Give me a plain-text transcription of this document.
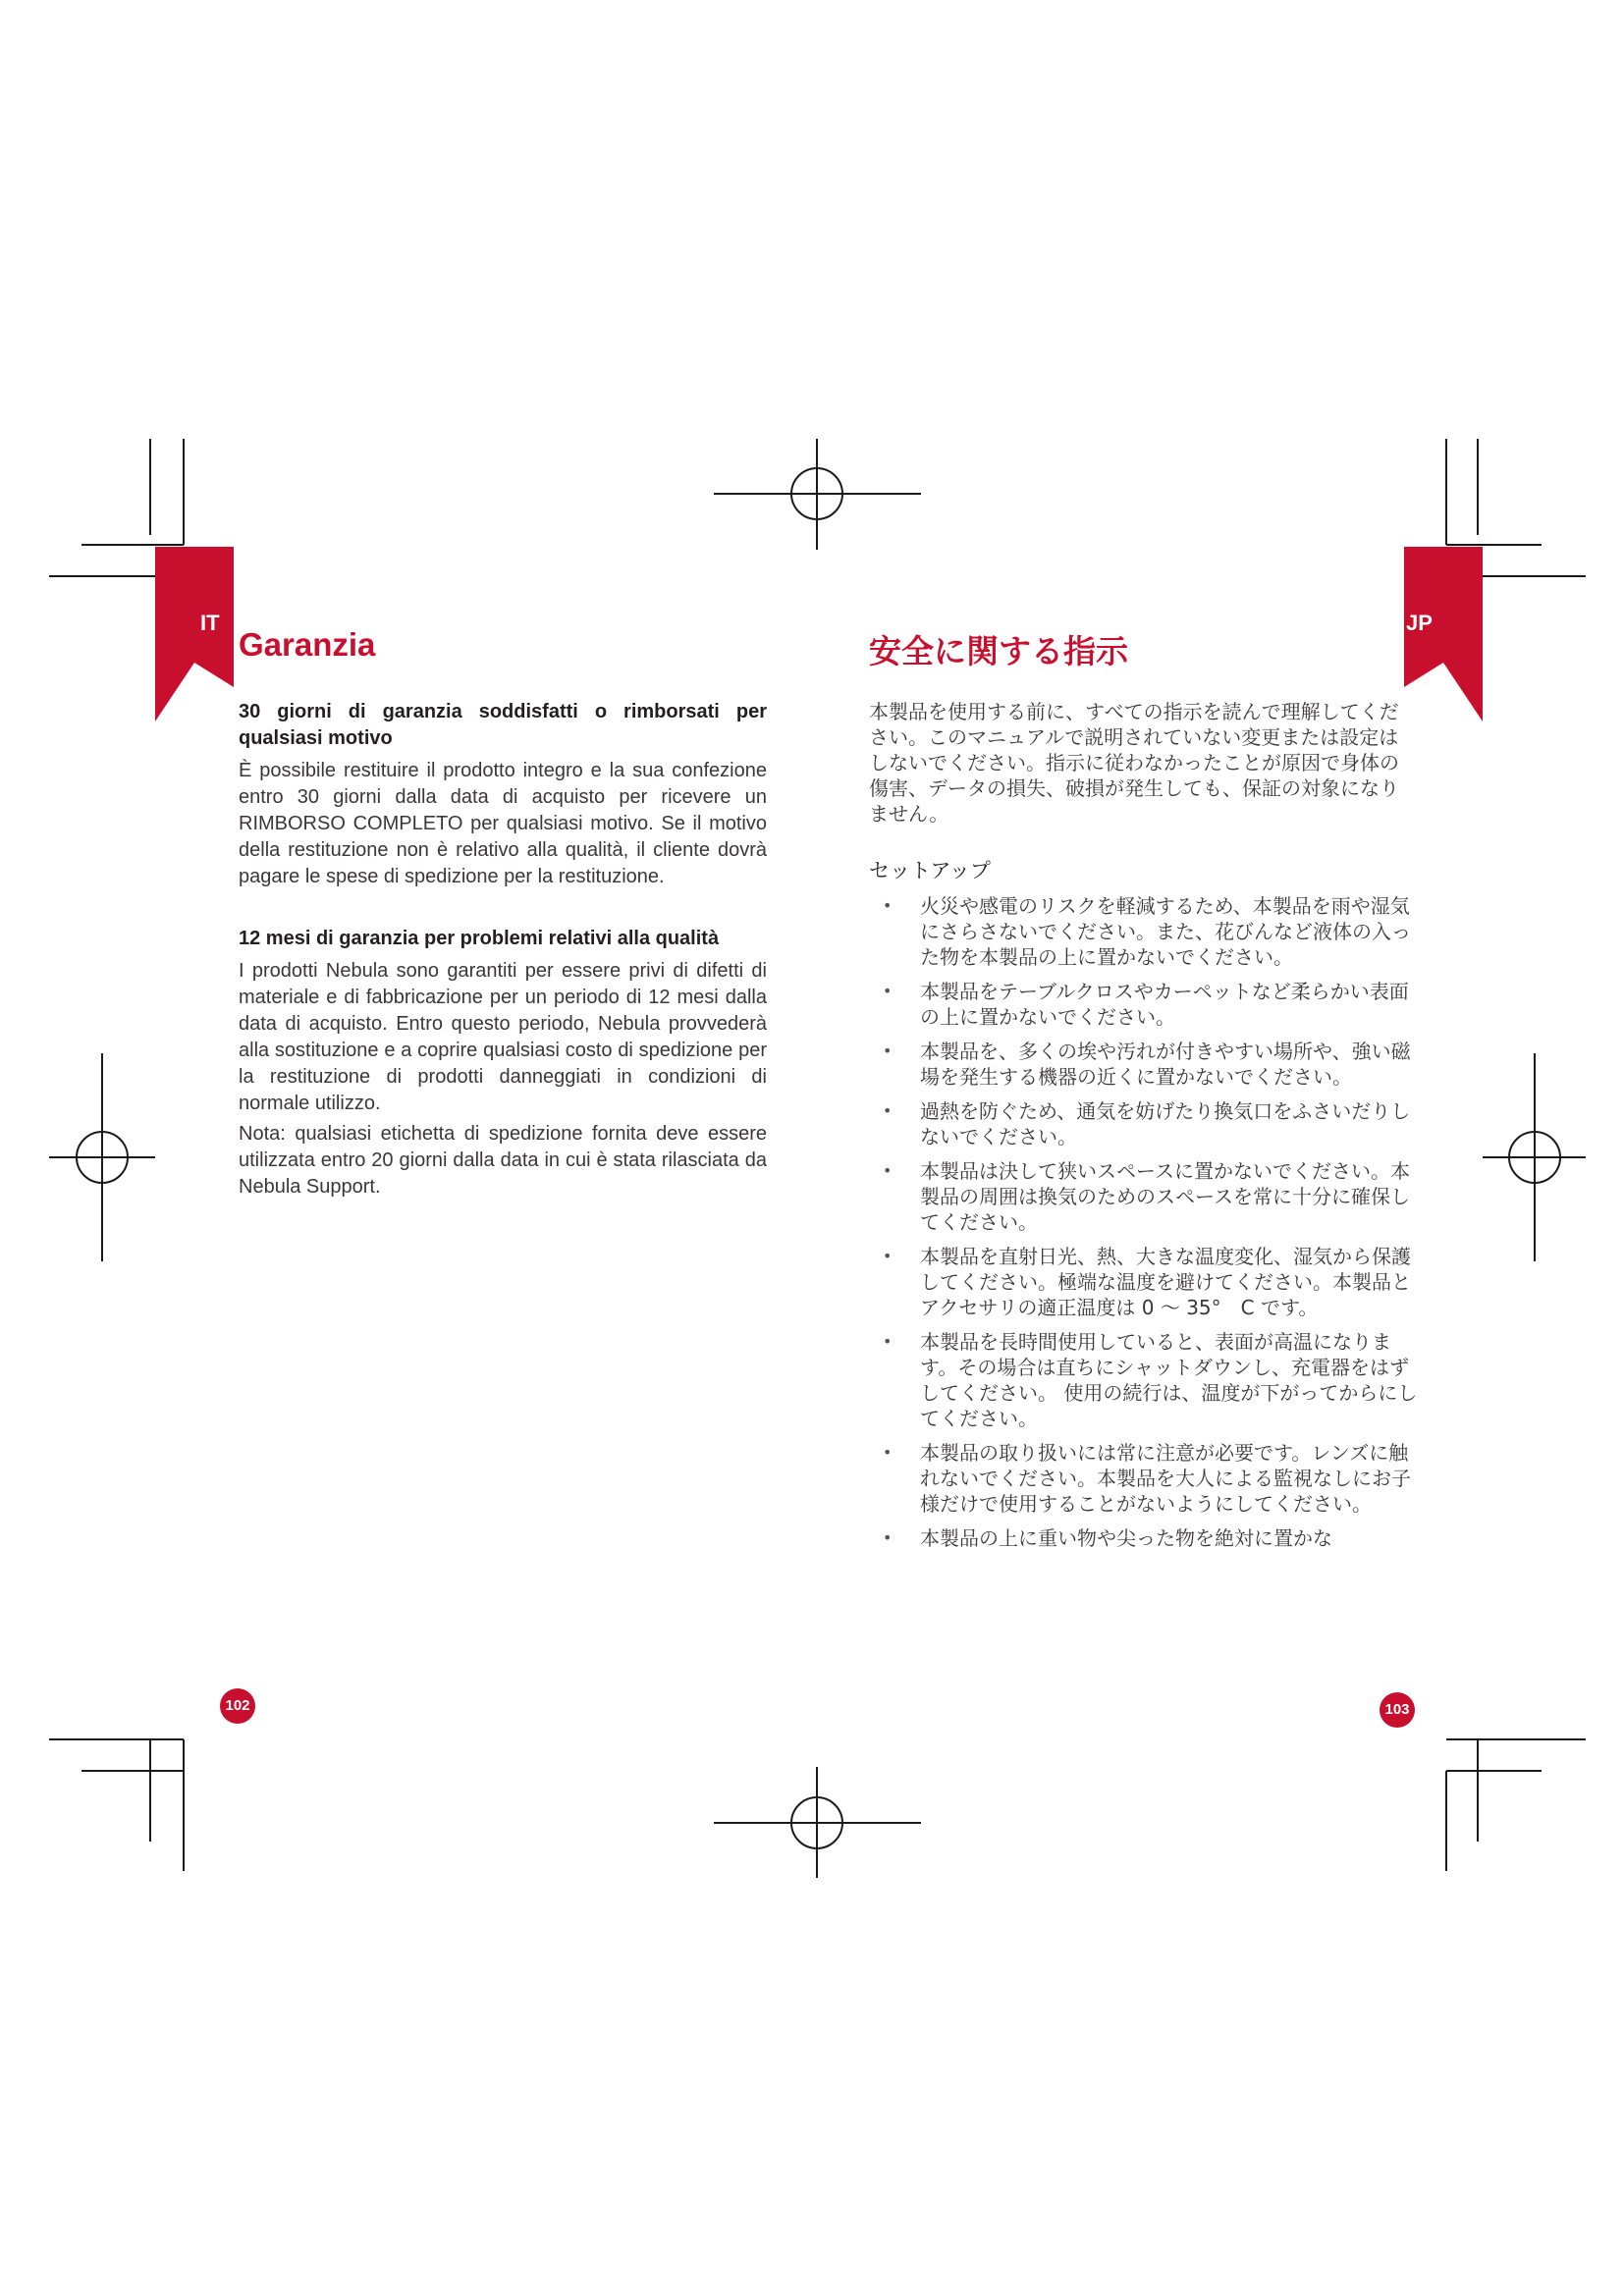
IT
Garanzia

30 giorni di garanzia soddisfatti o rimborsati per qualsiasi motivo

È possibile restituire il prodotto integro e la sua confezione entro 30 giorni dalla data di acquisto per ricevere un RIMBORSO COMPLETO per qualsiasi motivo. Se il motivo della restituzione non è relativo alla qualità, il cliente dovrà pagare le spese di spedizione per la restituzione.

12 mesi di garanzia per problemi relativi alla qualità

I prodotti Nebula sono garantiti per essere privi di difetti di materiale e di fabbricazione per un periodo di 12 mesi dalla data di acquisto. Entro questo periodo, Nebula provvederà alla sostituzione e a coprire qualsiasi costo di spedizione per la restituzione di prodotti danneggiati in condizioni di normale utilizzo.

Nota: qualsiasi etichetta di spedizione fornita deve essere utilizzata entro 20 giorni dalla data in cui è stata rilasciata da Nebula Support.

102
JP
安全に関する指示

本製品を使用する前に、すべての指示を読んで理解してください。このマニュアルで説明されていない変更または設定はしないでください。指示に従わなかったことが原因で身体の傷害、データの損失、破損が発生しても、保証の対象になりません。

セットアップ

• 火災や感電のリスクを軽減するため、本製品を雨や湿気にさらさないでください。また、花びんなど液体の入った物を本製品の上に置かないでください。
• 本製品をテーブルクロスやカーペットなど柔らかい表面の上に置かないでください。
• 本製品を、多くの埃や汚れが付きやすい場所や、強い磁場を発生する機器の近くに置かないでください。
• 過熱を防ぐため、通気を妨げたり換気口をふさいだりしないでください。
• 本製品は決して狭いスペースに置かないでください。本製品の周囲は換気のためのスペースを常に十分に確保してください。
• 本製品を直射日光、熱、大きな温度変化、湿気から保護してください。極端な温度を避けてください。本製品とアクセサリの適正温度は 0 ～ 35°　C です。
• 本製品を長時間使用していると、表面が高温になります。その場合は直ちにシャットダウンし、充電器をはずしてください。 使用の続行は、温度が下がってからにしてください。
• 本製品の取り扱いには常に注意が必要です。レンズに触れないでください。本製品を大人による監視なしにお子様だけで使用することがないようにしてください。
• 本製品の上に重い物や尖った物を絶対に置かな
103
